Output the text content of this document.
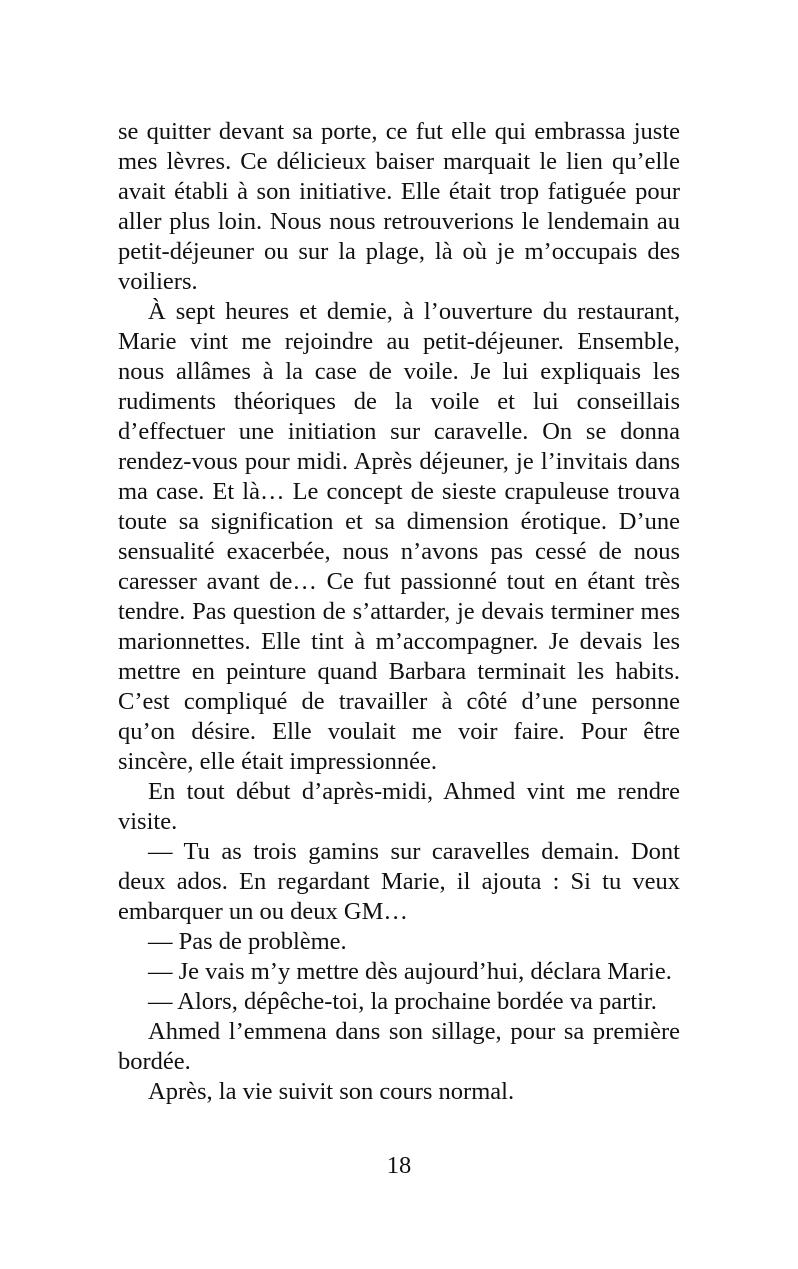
se quitter devant sa porte, ce fut elle qui embrassa juste mes lèvres. Ce délicieux baiser marquait le lien qu’elle avait établi à son initiative. Elle était trop fatiguée pour aller plus loin. Nous nous retrouverions le lendemain au petit-déjeuner ou sur la plage, là où je m’occupais des voiliers.

À sept heures et demie, à l’ouverture du restaurant, Marie vint me rejoindre au petit-déjeuner. Ensemble, nous allâmes à la case de voile. Je lui expliquais les rudiments théoriques de la voile et lui conseillais d’effectuer une initiation sur caravelle. On se donna rendez-vous pour midi. Après déjeuner, je l’invitais dans ma case. Et là… Le concept de sieste crapuleuse trouva toute sa signification et sa dimension érotique. D’une sensualité exacerbée, nous n’avons pas cessé de nous caresser avant de… Ce fut passionné tout en étant très tendre. Pas question de s’attarder, je devais terminer mes marionnettes. Elle tint à m’accompagner. Je devais les mettre en peinture quand Barbara terminait les habits. C’est compliqué de travailler à côté d’une personne qu’on désire. Elle voulait me voir faire. Pour être sincère, elle était impressionnée.

En tout début d’après-midi, Ahmed vint me rendre visite.

— Tu as trois gamins sur caravelles demain. Dont deux ados. En regardant Marie, il ajouta : Si tu veux embarquer un ou deux GM…

— Pas de problème.

— Je vais m’y mettre dès aujourd’hui, déclara Marie.

— Alors, dépêche-toi, la prochaine bordée va partir.

Ahmed l’emmena dans son sillage, pour sa première bordée.

Après, la vie suivit son cours normal.

18
